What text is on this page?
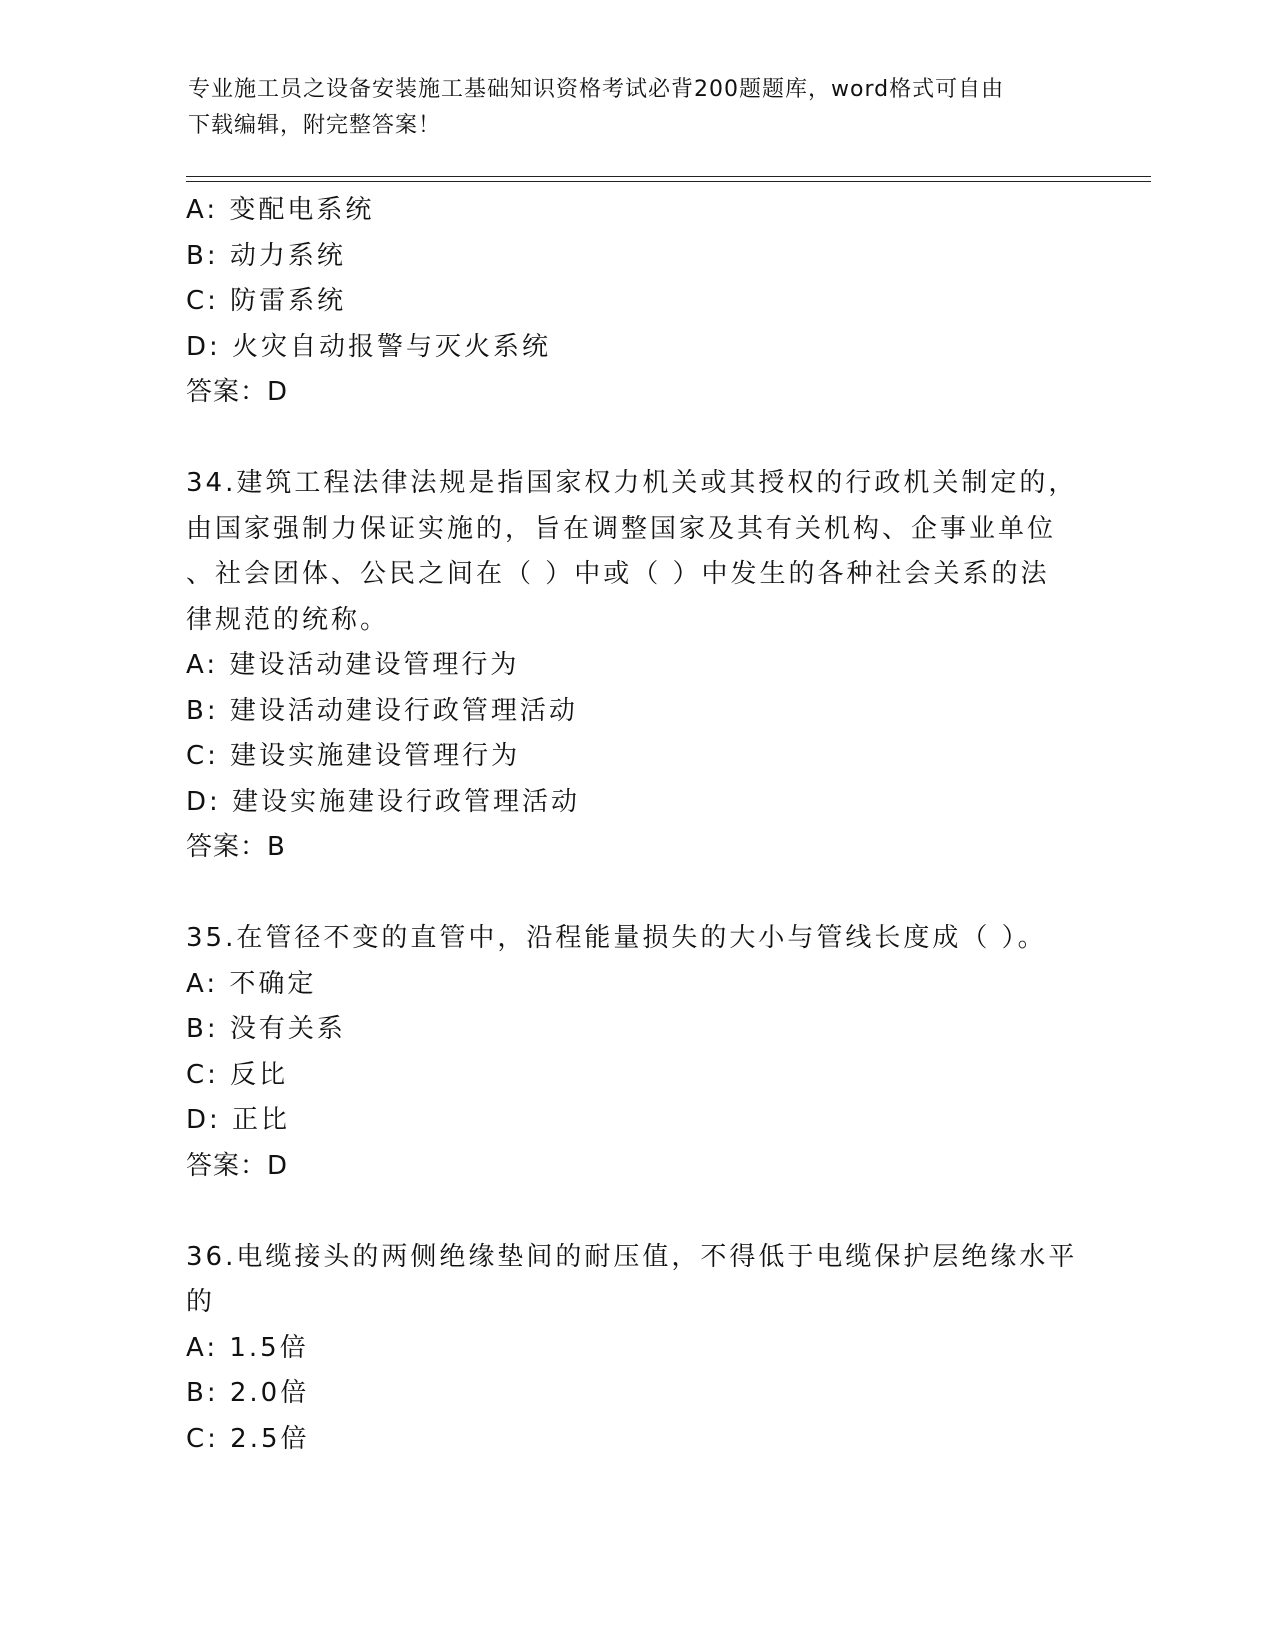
专业施工员之设备安装施工基础知识资格考试必背200题题库，word格式可自由
下载编辑，附完整答案！
A: 变配电系统
B: 动力系统
C: 防雷系统
D: 火灾自动报警与灭火系统
答案：D
34.建筑工程法律法规是指国家权力机关或其授权的行政机关制定的，
由国家强制力保证实施的，旨在调整国家及其有关机构、企事业单位
、社会团体、公民之间在（ ）中或（ ）中发生的各种社会关系的法
律规范的统称。
A: 建设活动建设管理行为
B: 建设活动建设行政管理活动
C: 建设实施建设管理行为
D: 建设实施建设行政管理活动
答案：B
35.在管径不变的直管中，沿程能量损失的大小与管线长度成（ ）。
A: 不确定
B: 没有关系
C: 反比
D: 正比
答案：D
36.电缆接头的两侧绝缘垫间的耐压值，不得低于电缆保护层绝缘水平
的
A: 1.5倍
B: 2.0倍
C: 2.5倍
